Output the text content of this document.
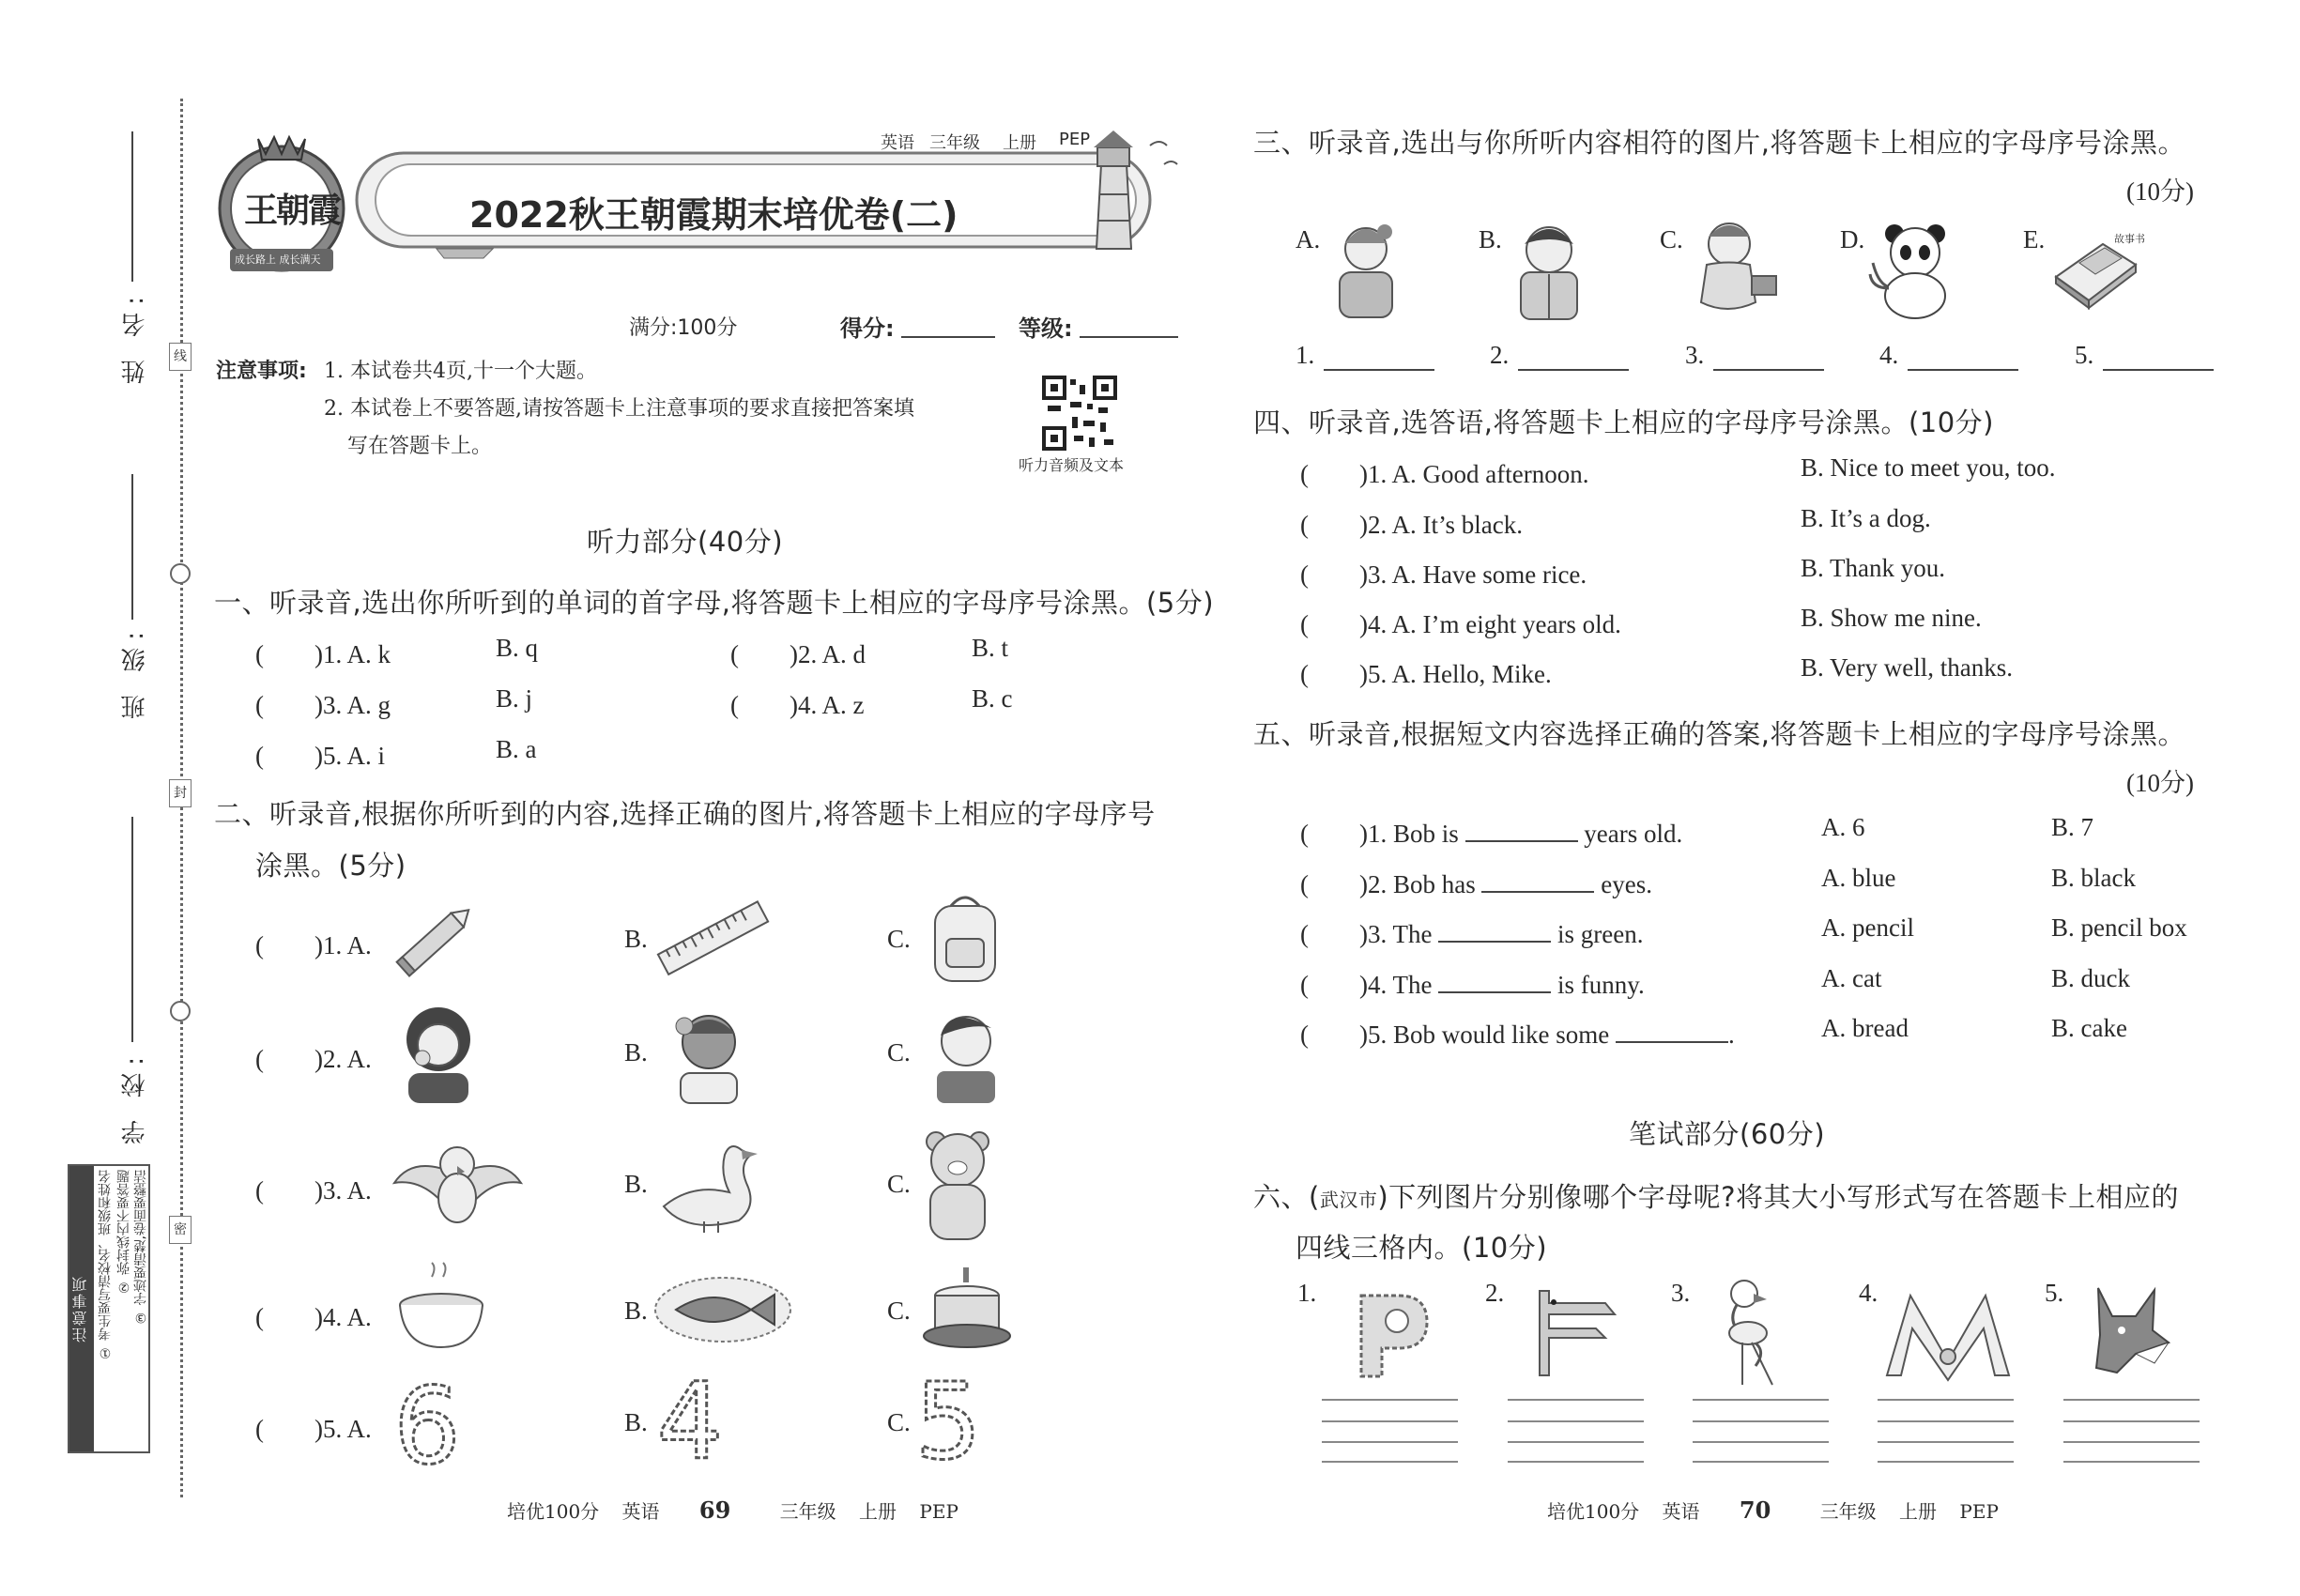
线
封
密
姓 名:
班 级:
学 校:
注意事项 ① 考生要写清校名、班级和姓名 ② 弥封线内不要答题 ③ 字迹要清楚,卷面要整洁
王朝霞
成长路上 成长满天
英语 三年级 上册 PEP
2022秋王朝霞期末培优卷(二)
满分:100分	得分:	等级:
注意事项: 1. 本试卷共4页,十一个大题。
2. 本试卷上不要答题,请按答题卡上注意事项的要求直接把答案填
写在答题卡上。
听力音频及文本
听力部分(40分)
一、听录音,选出你所听到的单词的首字母,将答题卡上相应的字母序号涂黑。(5分)
(　　)1. A. k	B. q	(　　)2. A. d	B. t
(　　)3. A. g	B. j	(　　)4. A. z	B. c
(　　)5. A. i	B. a
二、听录音,根据你所听到的内容,选择正确的图片,将答题卡上相应的字母序号
涂黑。(5分)
(　　)1. A.	B.	C.
(　　)2. A.	B.	C.
(　　)3. A.	B.	C.
(　　)4. A.	B.	C.
(　　)5. A.	B.	C.
6 4 5
培优100分 英语 69	三年级 上册 PEP
三、听录音,选出与你所听内容相符的图片,将答题卡上相应的字母序号涂黑。
(10分)
A.	B.	C.	D.	E.	故事书
1.	2.	3.	4.	5.
四、听录音,选答语,将答题卡上相应的字母序号涂黑。(10分)
(　　)1. A. Good afternoon.	B. Nice to meet you, too.
(　　)2. A. It’s black.	B. It’s a dog.
(　　)3. A. Have some rice.	B. Thank you.
(　　)4. A. I’m eight years old.	B. Show me nine.
(　　)5. A. Hello, Mike.	B. Very well, thanks.
五、听录音,根据短文内容选择正确的答案,将答题卡上相应的字母序号涂黑。
(10分)
(　　)1. Bob is	years old.	A. 6	B. 7
(　　)2. Bob has	eyes.	A. blue	B. black
(　　)3. The	is green.	A. pencil	B. pencil box
(　　)4. The	is funny.	A. cat	B. duck
(　　)5. Bob would like some	.	A. bread	B. cake
笔试部分(60分)
六、(武汉市)下列图片分别像哪个字母呢?将其大小写形式写在答题卡上相应的
四线三格内。(10分)
1.	2.	3.	4.	5.
培优100分 英语 70	三年级 上册 PEP
